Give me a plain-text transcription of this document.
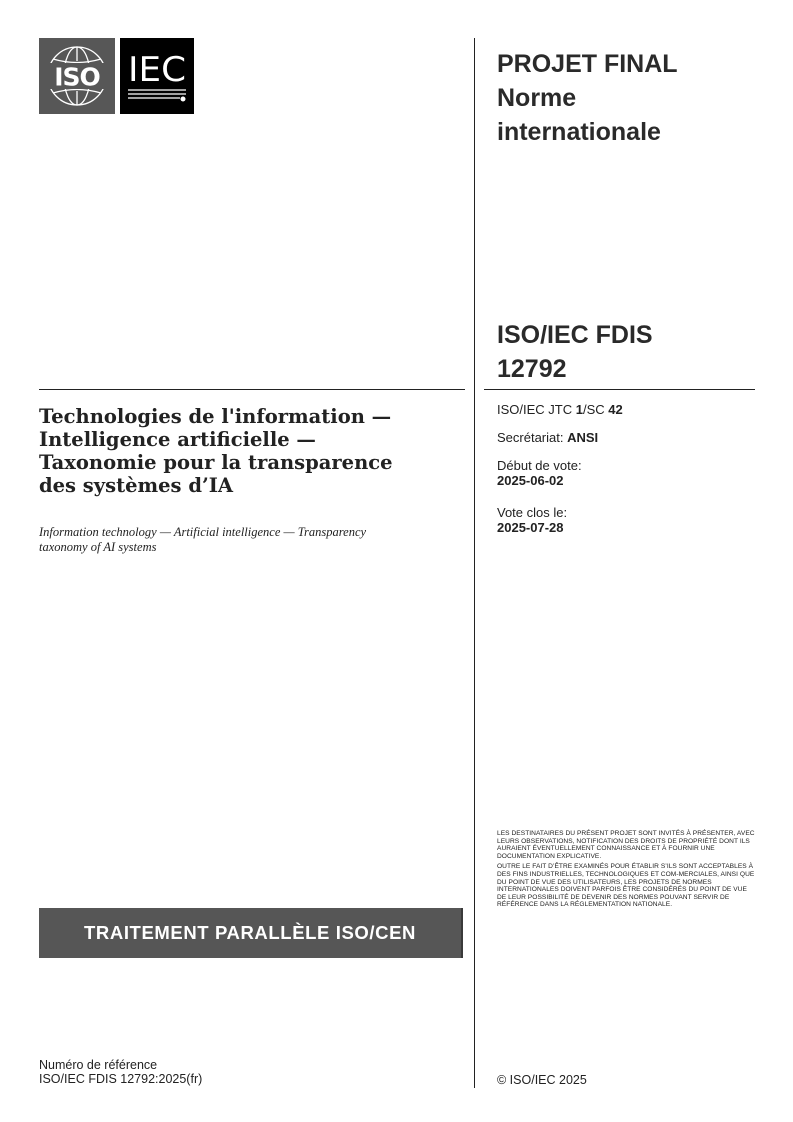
ISO IEC	PROJET FINAL
Norme
internationale
ISO/IEC FDIS
12792
ISO/IEC JTC 1/SC 42
Secrétariat: ANSI
Début de vote:
2025-06-02
Vote clos le:
2025-07-28
Technologies de l'information —
Intelligence artificielle —
Taxonomie pour la transparence
des systèmes d’IA
Information technology — Artificial intelligence — Transparency
taxonomy of AI systems

LES DESTINATAIRES DU PRÉSENT PROJET SONT INVITÉS À PRÉSENTER, AVEC LEURS OBSERVATIONS, NOTIFICATION DES DROITS DE PROPRIÉTÉ DONT ILS AURAIENT ÉVENTUELLEMENT CONNAISSANCE ET À FOURNIR UNE DOCUMENTATION EXPLICATIVE.

OUTRE LE FAIT D’ÊTRE EXAMINÉS POUR ÉTABLIR S’ILS SONT ACCEPTABLES À DES FINS INDUSTRIELLES, TECHNOLOGIQUES ET COM-MERCIALES, AINSI QUE DU POINT DE VUE DES UTILISATEURS, LES PROJETS DE NORMES INTERNATIONALES DOIVENT PARFOIS ÊTRE CONSIDÉRÉS DU POINT DE VUE DE LEUR POSSIBILITÉ DE DEVENIR DES NORMES POUVANT SERVIR DE RÉFÉRENCE DANS LA RÉGLEMENTATION NATIONALE.

TRAITEMENT PARALLÈLE ISO/CEN
Numéro de référence
ISO/IEC FDIS 12792:2025(fr)	© ISO/IEC 2025
